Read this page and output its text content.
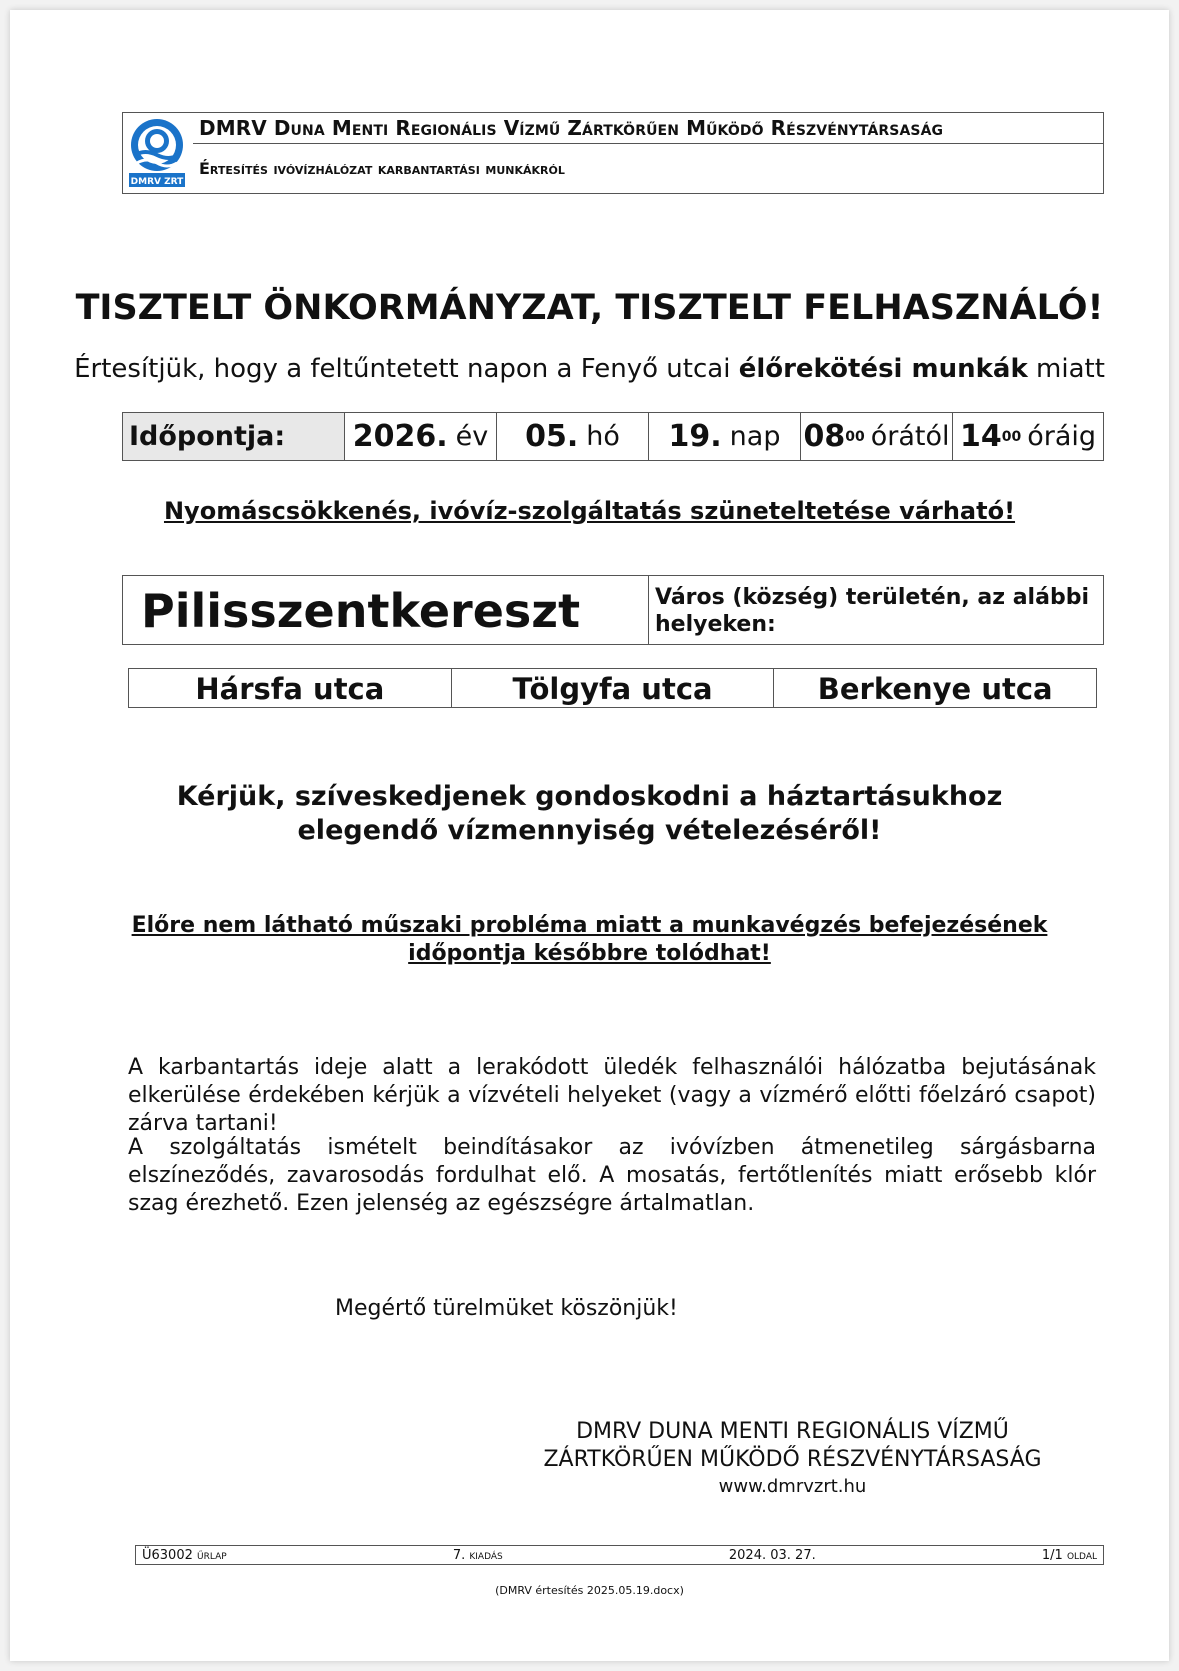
DMRV ZRT
DMRV Duna Menti Regionális Vízmű Zártkörűen Működő Részvénytársaság
Értesítés ivóvízhálózat karbantartási munkákról
TISZTELT ÖNKORMÁNYZAT, TISZTELT FELHASZNÁLÓ!
Értesítjük, hogy a feltűntetett napon a Fenyő utcai élőrekötési munkák miatt
Időpontja:	2026. év 05. hó 19. nap 08 00 órától 14 00 óráig
Nyomáscsökkenés, ivóvíz-szolgáltatás szüneteltetése várható!
Pilisszentkereszt	Város (község) területén, az alábbi helyeken:
Hársfa utca	Tölgyfa utca	Berkenye utca
Kérjük, szíveskedjenek gondoskodni a háztartásukhoz
elegendő vízmennyiség vételezéséről!
Előre nem látható műszaki probléma miatt a munkavégzés befejezésének
időpontja későbbre tolódhat!
A karbantartás ideje alatt a lerakódott üledék felhasználói hálózatba bejutásának elkerülése érdekében kérjük a vízvételi helyeket (vagy a vízmérő előtti főelzáró csapot) zárva tartani!
A szolgáltatás ismételt beindításakor az ivóvízben átmenetileg sárgásbarna elszíneződés, zavarosodás fordulhat elő. A mosatás, fertőtlenítés miatt erősebb klór szag érezhető. Ezen jelenség az egészségre ártalmatlan.
Megértő türelmüket köszönjük!
DMRV DUNA MENTI REGIONÁLIS VÍZMŰ
ZÁRTKÖRŰEN MŰKÖDŐ RÉSZVÉNYTÁRSASÁG
www.dmrvzrt.hu
Ü63002 űrlap	7. kiadás	2024. 03. 27.	1/1 oldal
(DMRV értesítés 2025.05.19.docx)
